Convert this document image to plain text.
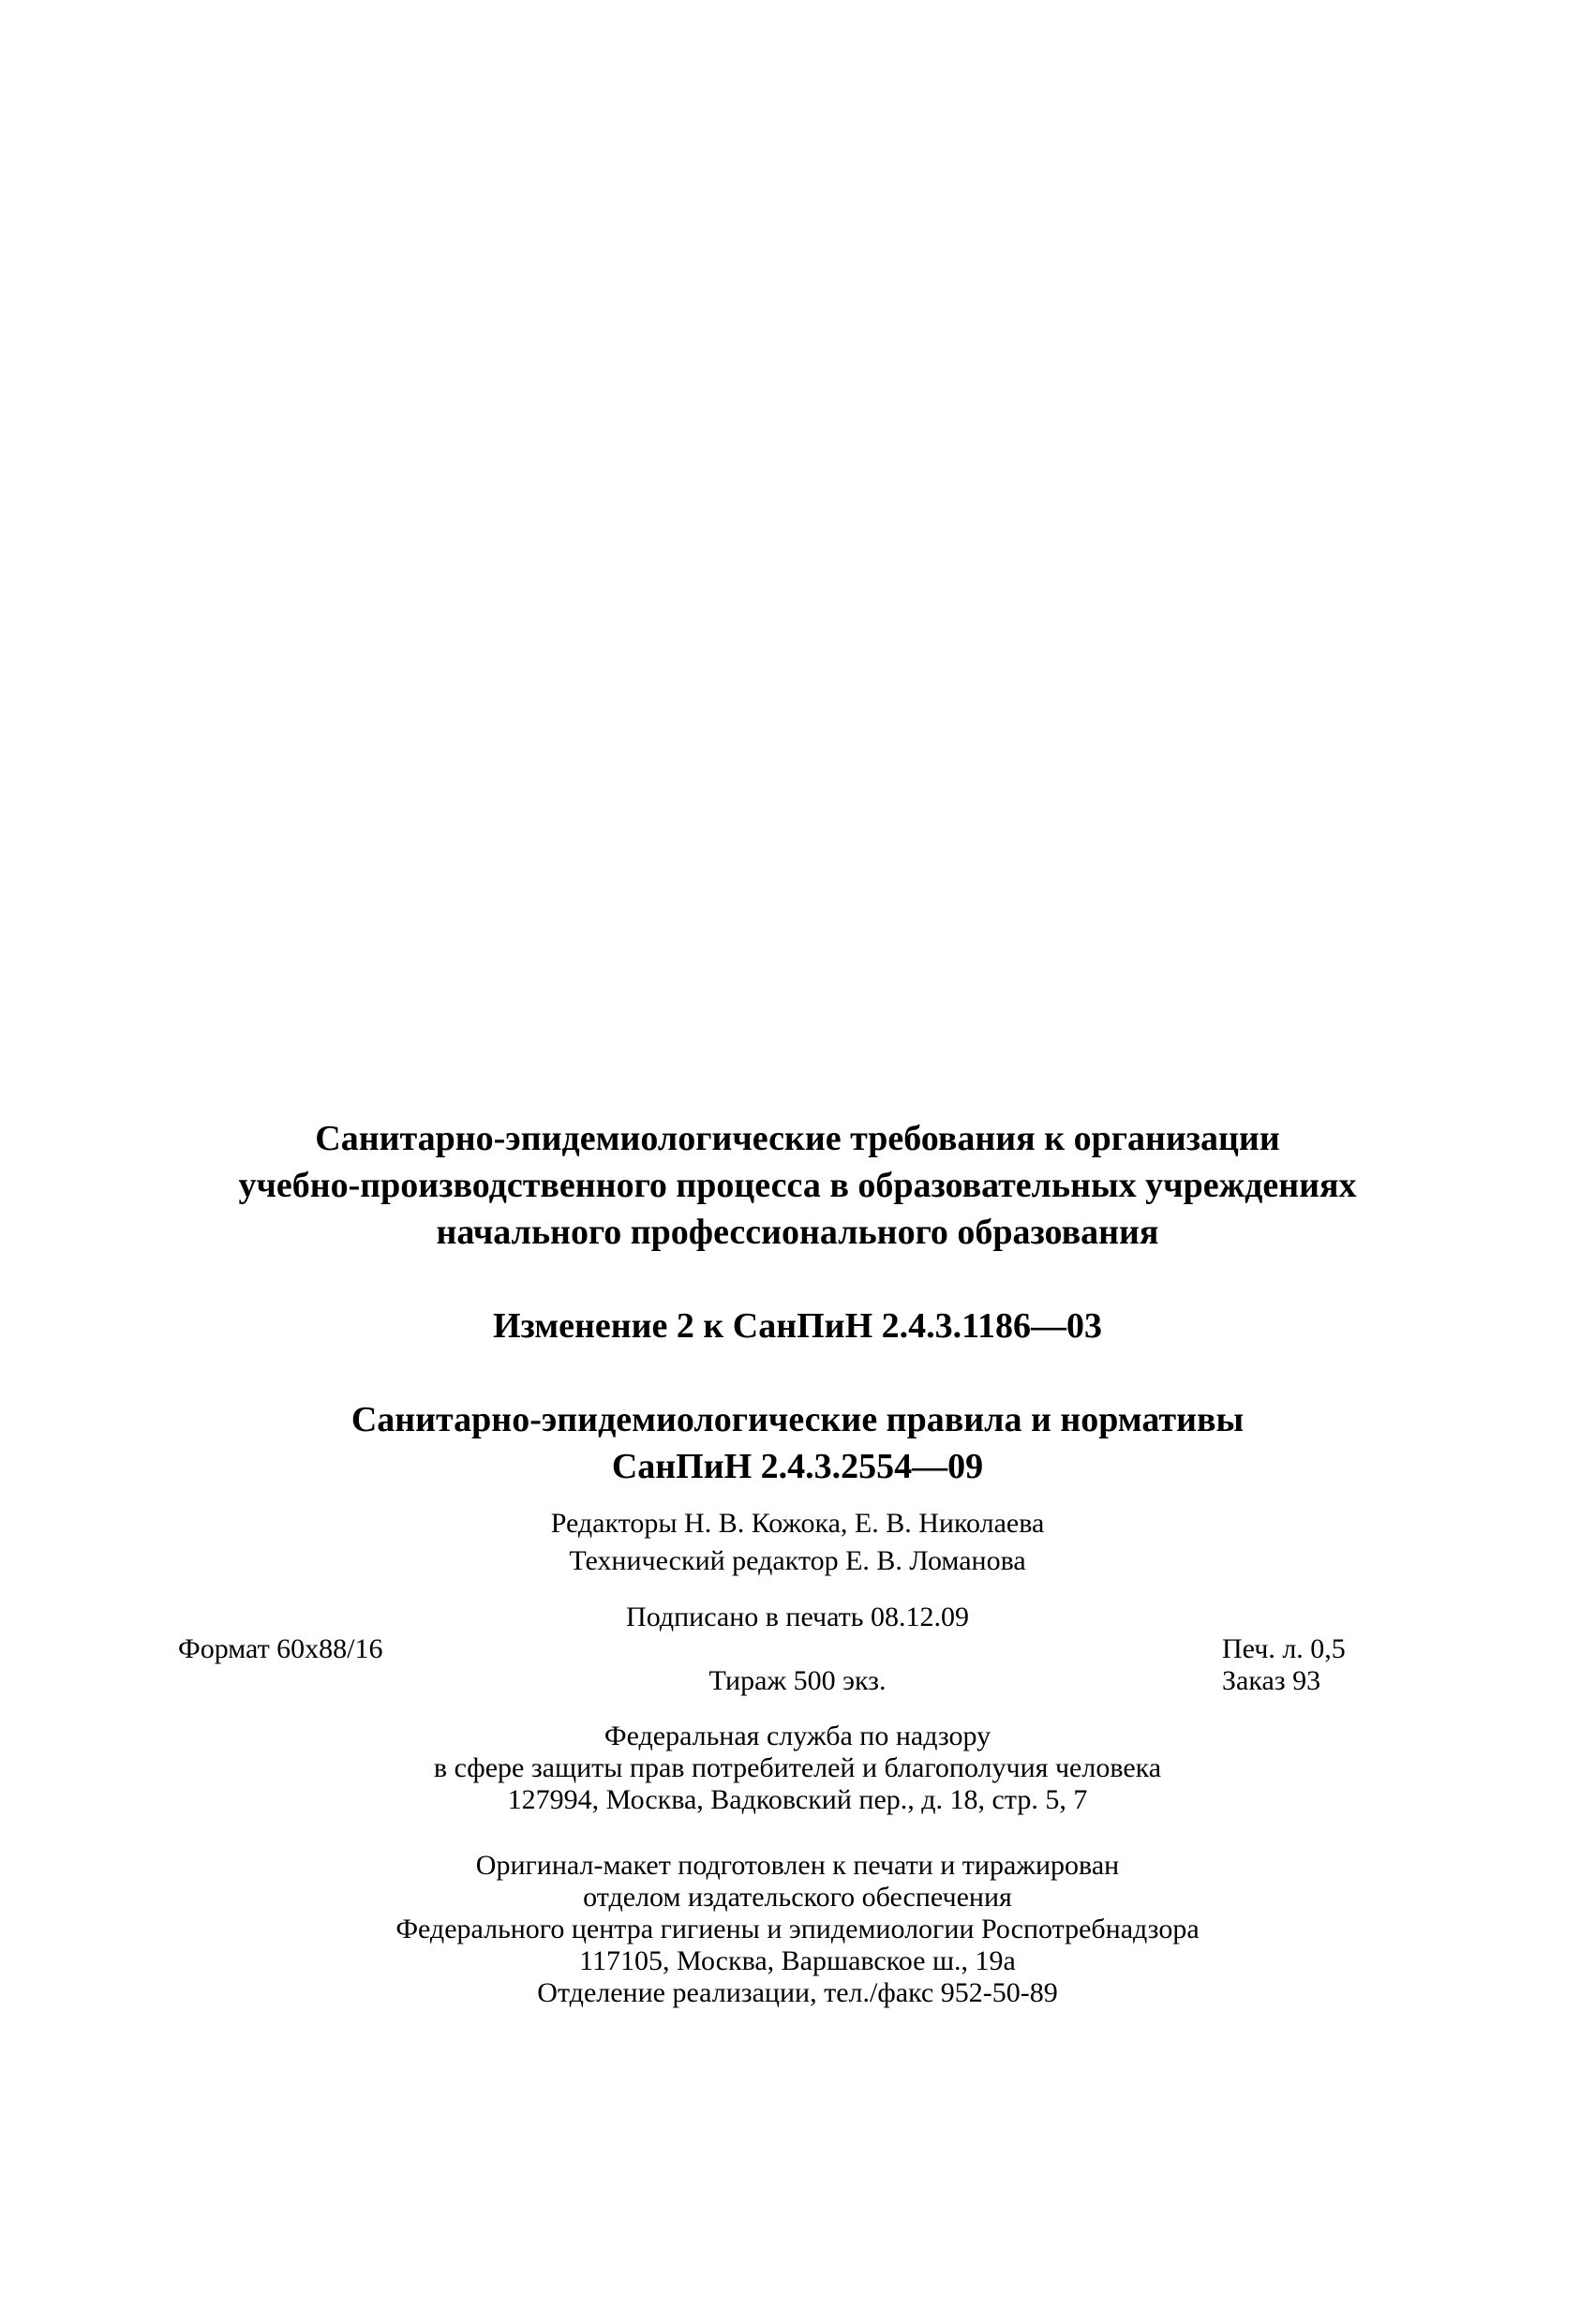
Санитарно-эпидемиологические требования к организации
учебно-производственного процесса в образовательных учреждениях
начального профессионального образования
Изменение 2 к СанПиН 2.4.3.1186—03
Санитарно-эпидемиологические правила и нормативы
СанПиН 2.4.3.2554—09
Редакторы Н. В. Кожока, Е. В. Николаева
Технический редактор Е. В. Ломанова
Подписано в печать 08.12.09
Формат 60х88/16	Печ. л. 0,5
Тираж 500 экз.	Заказ 93
Федеральная служба по надзору
в сфере защиты прав потребителей и благополучия человека
127994, Москва, Вадковский пер., д. 18, стр. 5, 7
Оригинал-макет подготовлен к печати и тиражирован
отделом издательского обеспечения
Федерального центра гигиены и эпидемиологии Роспотребнадзора
117105, Москва, Варшавское ш., 19а
Отделение реализации, тел./факс 952-50-89
